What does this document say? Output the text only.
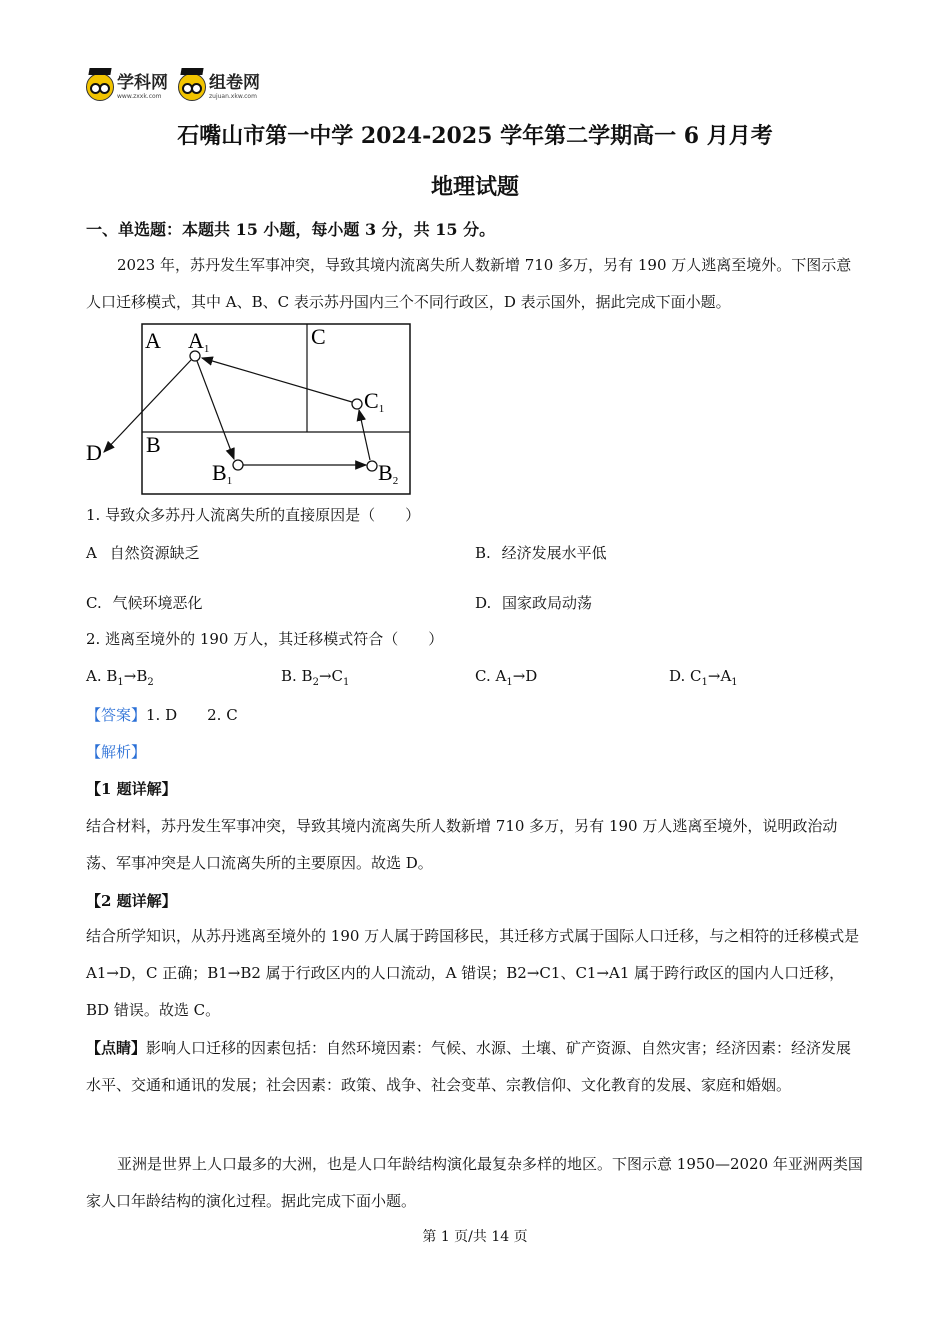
学科网
www.zxxk.com
组卷网
zujuan.xkw.com
石嘴山市第一中学 2024-2025 学年第二学期高一 6 月月考
地理试题
一、单选题：本题共 15 小题，每小题 3 分，共 15 分。
2023 年，苏丹发生军事冲突，导致其境内流离失所人数新增 710 多万，另有 190 万人逃离至境外。下图示意人口迁移模式，其中 A、B、C 表示苏丹国内三个不同行政区，D 表示国外，据此完成下面小题。
A	C
B
D
A1
C1
B1	B2
1. 导致众多苏丹人流离失所的直接原因是（　　）
A 自然资源缺乏	B. 经济发展水平低
C. 气候环境恶化	D. 国家政局动荡
2. 逃离至境外的 190 万人，其迁移模式符合（　　）
A. $B_1\to B_2$	B. $B_2\to C_1$	C. $A_1\to D$	D. $C_1\to A_1$
【答案】1. D　　2. C
【解析】
【1 题详解】
结合材料，苏丹发生军事冲突，导致其境内流离失所人数新增 710 多万，另有 190 万人逃离至境外，说明政治动荡、军事冲突是人口流离失所的主要原因。故选 D。
【2 题详解】
结合所学知识，从苏丹逃离至境外的 190 万人属于跨国移民，其迁移方式属于国际人口迁移，与之相符的迁移模式是 A1→D，C 正确；B1→B2 属于行政区内的人口流动，A 错误；B2→C1、C1→A1 属于跨行政区的国内人口迁移，BD 错误。故选 C。
【点睛】影响人口迁移的因素包括：自然环境因素：气候、水源、土壤、矿产资源、自然灾害；经济因素：经济发展水平、交通和通讯的发展；社会因素：政策、战争、社会变革、宗教信仰、文化教育的发展、家庭和婚姻。
亚洲是世界上人口最多的大洲，也是人口年龄结构演化最复杂多样的地区。下图示意 1950—2020 年亚洲两类国家人口年龄结构的演化过程。据此完成下面小题。
第 1 页/共 14 页
